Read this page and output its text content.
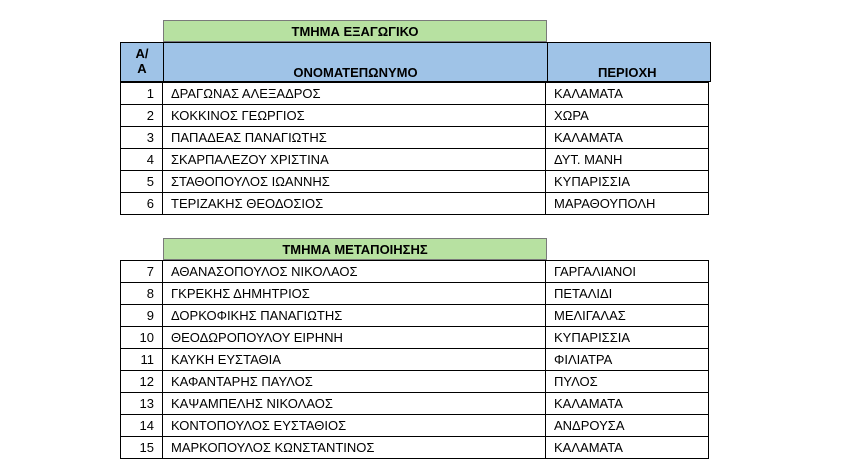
ΤΜΗΜΑ ΕΞΑΓΩΓΙΚΟ
Α/
Α	ΟΝΟΜΑΤΕΠΩΝΥΜΟ	ΠΕΡΙΟΧΗ
1	ΔΡΑΓΩΝΑΣ ΑΛΕΞΑΔΡΟΣ	ΚΑΛΑΜΑΤΑ
2	ΚΟΚΚΙΝΟΣ ΓΕΩΡΓΙΟΣ	ΧΩΡΑ
3	ΠΑΠΑΔΕΑΣ ΠΑΝΑΓΙΩΤΗΣ	ΚΑΛΑΜΑΤΑ
4	ΣΚΑΡΠΑΛΕΖΟΥ ΧΡΙΣΤΙΝΑ	ΔΥΤ. ΜΑΝΗ
5	ΣΤΑΘΟΠΟΥΛΟΣ ΙΩΑΝΝΗΣ	ΚΥΠΑΡΙΣΣΙΑ
6	ΤΕΡΙΖΑΚΗΣ ΘΕΟΔΟΣΙΟΣ	ΜΑΡΑΘΟΥΠΟΛΗ
ΤΜΗΜΑ ΜΕΤΑΠΟΙΗΣΗΣ
7	ΑΘΑΝΑΣΟΠΟΥΛΟΣ ΝΙΚΟΛΑΟΣ	ΓΑΡΓΑΛΙΑΝΟΙ
8	ΓΚΡΕΚΗΣ ΔΗΜΗΤΡΙΟΣ	ΠΕΤΑΛΙΔΙ
9	ΔΟΡΚΟΦΙΚΗΣ ΠΑΝΑΓΙΩΤΗΣ	ΜΕΛΙΓΑΛΑΣ
10	ΘΕΟΔΩΡΟΠΟΥΛΟΥ ΕΙΡΗΝΗ	ΚΥΠΑΡΙΣΣΙΑ
11	ΚΑΥΚΗ ΕΥΣΤΑΘΙΑ	ΦΙΛΙΑΤΡΑ
12	ΚΑΦΑΝΤΑΡΗΣ ΠΑΥΛΟΣ	ΠΥΛΟΣ
13	ΚΑΨΑΜΠΕΛΗΣ ΝΙΚΟΛΑΟΣ	ΚΑΛΑΜΑΤΑ
14	ΚΟΝΤΟΠΟΥΛΟΣ ΕΥΣΤΑΘΙΟΣ	ΑΝΔΡΟΥΣΑ
15	ΜΑΡΚΟΠΟΥΛΟΣ ΚΩΝΣΤΑΝΤΙΝΟΣ	ΚΑΛΑΜΑΤΑ
